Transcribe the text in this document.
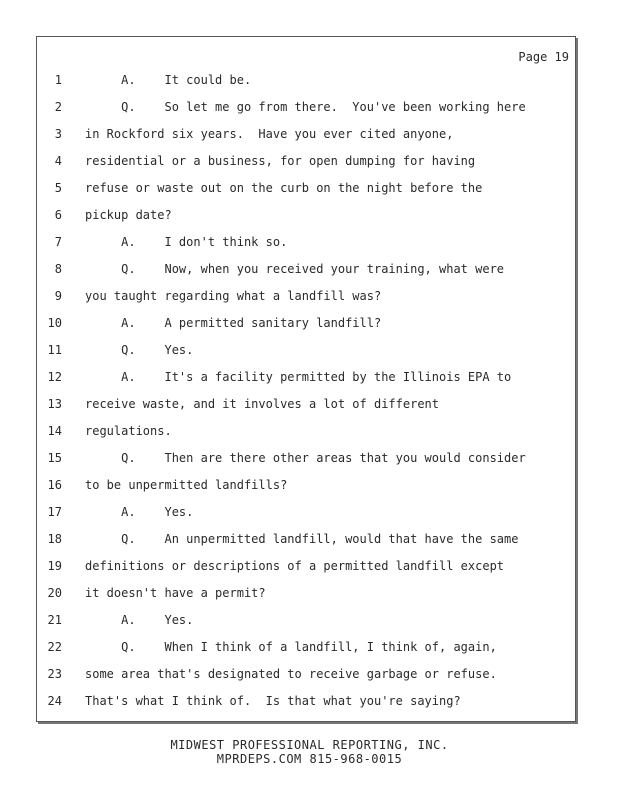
Page 19
1 A.    It could be.
2 Q.    So let me go from there.  You've been working here
3 in Rockford six years.  Have you ever cited anyone,
4 residential or a business, for open dumping for having
5 refuse or waste out on the curb on the night before the
6 pickup date?
7 A.    I don't think so.
8 Q.    Now, when you received your training, what were
9 you taught regarding what a landfill was?
10 A.    A permitted sanitary landfill?
11 Q.    Yes.
12 A.    It's a facility permitted by the Illinois EPA to
13 receive waste, and it involves a lot of different
14 regulations.
15 Q.    Then are there other areas that you would consider
16 to be unpermitted landfills?
17 A.    Yes.
18 Q.    An unpermitted landfill, would that have the same
19 definitions or descriptions of a permitted landfill except
20 it doesn't have a permit?
21 A.    Yes.
22 Q.    When I think of a landfill, I think of, again,
23 some area that's designated to receive garbage or refuse.
24 That's what I think of.  Is that what you're saying?
MIDWEST PROFESSIONAL REPORTING, INC.
MPRDEPS.COM 815-968-0015
